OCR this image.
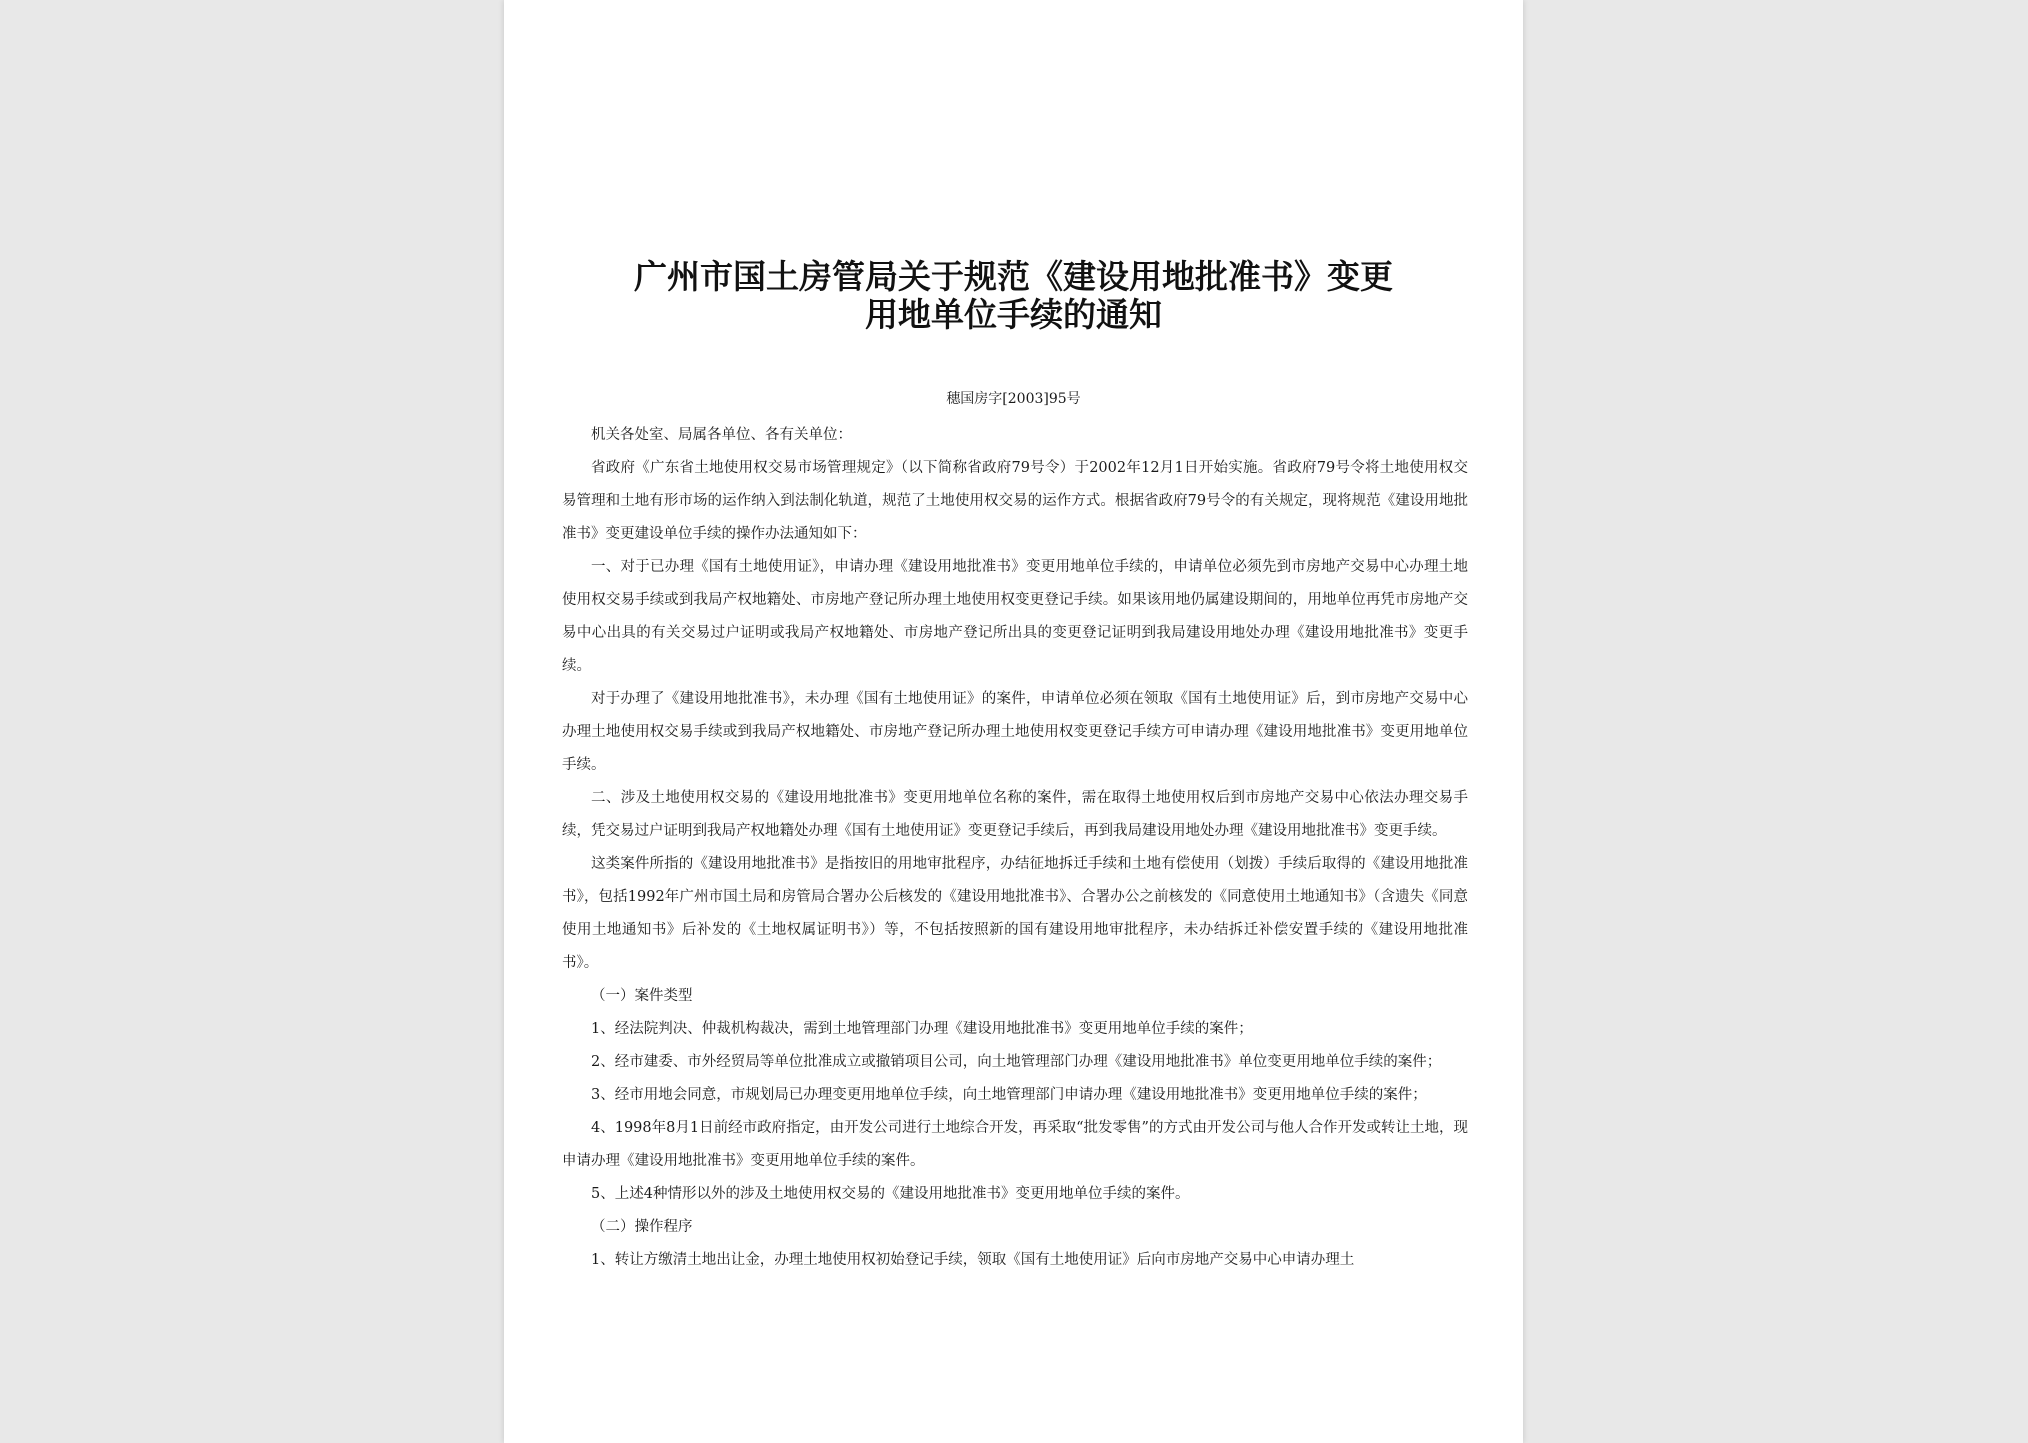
广州市国土房管局关于规范《建设用地批准书》变更
用地单位手续的通知
穗国房字[2003]95号

机关各处室、局属各单位、各有关单位：

省政府《广东省土地使用权交易市场管理规定》（以下简称省政府79号令）于2002年12月1日开始实施。省政府79号令将土地使用权交易管理和土地有形市场的运作纳入到法制化轨道，规范了土地使用权交易的运作方式。根据省政府79号令的有关规定，现将规范《建设用地批准书》变更建设单位手续的操作办法通知如下：

一、对于已办理《国有土地使用证》，申请办理《建设用地批准书》变更用地单位手续的，申请单位必须先到市房地产交易中心办理土地使用权交易手续或到我局产权地籍处、市房地产登记所办理土地使用权变更登记手续。如果该用地仍属建设期间的，用地单位再凭市房地产交易中心出具的有关交易过户证明或我局产权地籍处、市房地产登记所出具的变更登记证明到我局建设用地处办理《建设用地批准书》变更手续。

对于办理了《建设用地批准书》，未办理《国有土地使用证》的案件，申请单位必须在领取《国有土地使用证》后，到市房地产交易中心办理土地使用权交易手续或到我局产权地籍处、市房地产登记所办理土地使用权变更登记手续方可申请办理《建设用地批准书》变更用地单位手续。

二、涉及土地使用权交易的《建设用地批准书》变更用地单位名称的案件，需在取得土地使用权后到市房地产交易中心依法办理交易手续，凭交易过户证明到我局产权地籍处办理《国有土地使用证》变更登记手续后，再到我局建设用地处办理《建设用地批准书》变更手续。

这类案件所指的《建设用地批准书》是指按旧的用地审批程序，办结征地拆迁手续和土地有偿使用（划拨）手续后取得的《建设用地批准书》，包括1992年广州市国土局和房管局合署办公后核发的《建设用地批准书》、合署办公之前核发的《同意使用土地通知书》（含遗失《同意使用土地通知书》后补发的《土地权属证明书》）等，不包括按照新的国有建设用地审批程序，未办结拆迁补偿安置手续的《建设用地批准书》。

（一）案件类型

1、经法院判决、仲裁机构裁决，需到土地管理部门办理《建设用地批准书》变更用地单位手续的案件；

2、经市建委、市外经贸局等单位批准成立或撤销项目公司，向土地管理部门办理《建设用地批准书》单位变更用地单位手续的案件；

3、经市用地会同意，市规划局已办理变更用地单位手续，向土地管理部门申请办理《建设用地批准书》变更用地单位手续的案件；

4、1998年8月1日前经市政府指定，由开发公司进行土地综合开发，再采取“批发零售”的方式由开发公司与他人合作开发或转让土地，现申请办理《建设用地批准书》变更用地单位手续的案件。

5、上述4种情形以外的涉及土地使用权交易的《建设用地批准书》变更用地单位手续的案件。

（二）操作程序

1、转让方缴清土地出让金，办理土地使用权初始登记手续，领取《国有土地使用证》后向市房地产交易中心申请办理土
